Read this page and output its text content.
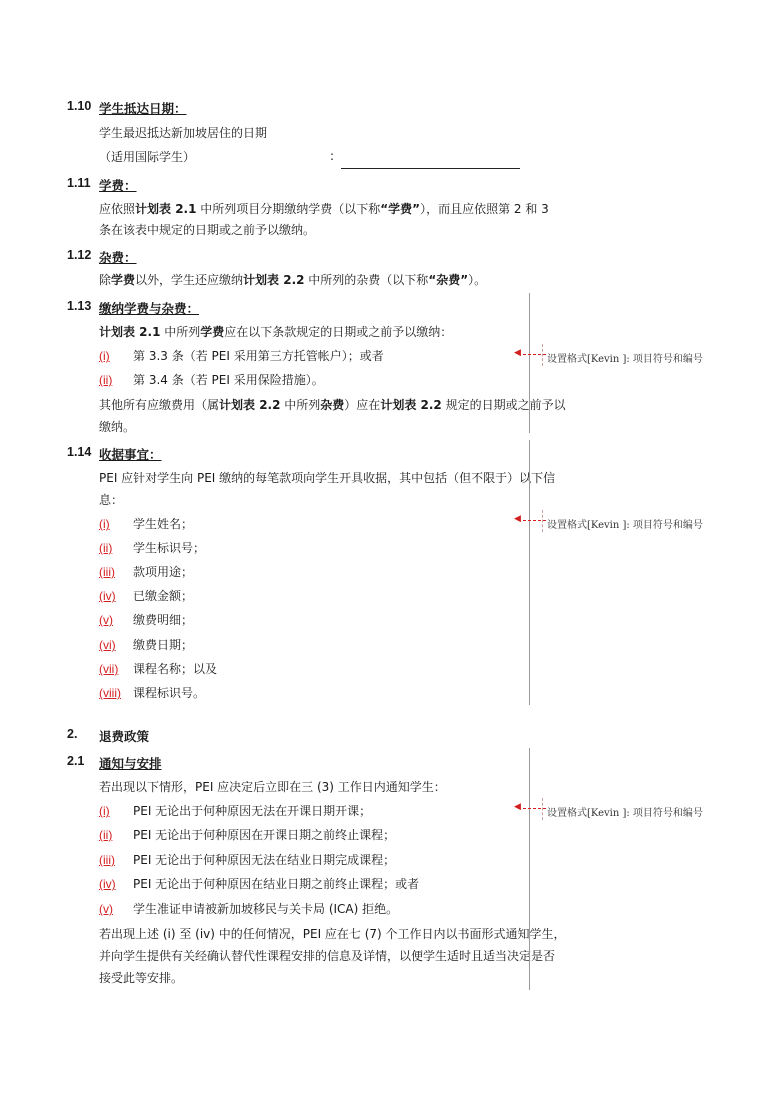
1.10 学生抵达日期：
学生最迟抵达新加坡居住的日期
（适用国际学生）	:
1.11 学费：
应依照计划表 2.1 中所列项目分期缴纳学费（以下称“学费”），而且应依照第 2 和 3
条在该表中规定的日期或之前予以缴纳。
1.12 杂费：
除学费以外，学生还应缴纳计划表 2.2 中所列的杂费（以下称“杂费”）。
1.13 缴纳学费与杂费：
计划表 2.1 中所列学费应在以下条款规定的日期或之前予以缴纳：
(i) 第 3.3 条（若 PEI 采用第三方托管帐户）；或者
(ii) 第 3.4 条（若 PEI 采用保险措施）。
其他所有应缴费用（属计划表 2.2 中所列杂费）应在计划表 2.2 规定的日期或之前予以
缴纳。
1.14 收据事宜：
PEI 应针对学生向 PEI 缴纳的每笔款项向学生开具收据，其中包括（但不限于）以下信
息：
(i) 学生姓名；
(ii) 学生标识号；
(iii) 款项用途；
(iv) 已缴金额；
(v) 缴费明细；
(vi) 缴费日期；
(vii) 课程名称；以及
(viii) 课程标识号。
2. 退费政策
2.1 通知与安排
若出现以下情形，PEI 应决定后立即在三 (3) 工作日内通知学生：
(i) PEI 无论出于何种原因无法在开课日期开课；
(ii) PEI 无论出于何种原因在开课日期之前终止课程；
(iii) PEI 无论出于何种原因无法在结业日期完成课程；
(iv) PEI 无论出于何种原因在结业日期之前终止课程；或者
(v) 学生准证申请被新加坡移民与关卡局 (ICA) 拒绝。
若出现上述 (i) 至 (iv) 中的任何情况，PEI 应在七 (7) 个工作日内以书面形式通知学生，
并向学生提供有关经确认替代性课程安排的信息及详情，以便学生适时且适当决定是否
接受此等安排。
◀
设置格式[Kevin ]: 项目符号和编号
◀
设置格式[Kevin ]: 项目符号和编号
◀
设置格式[Kevin ]: 项目符号和编号
